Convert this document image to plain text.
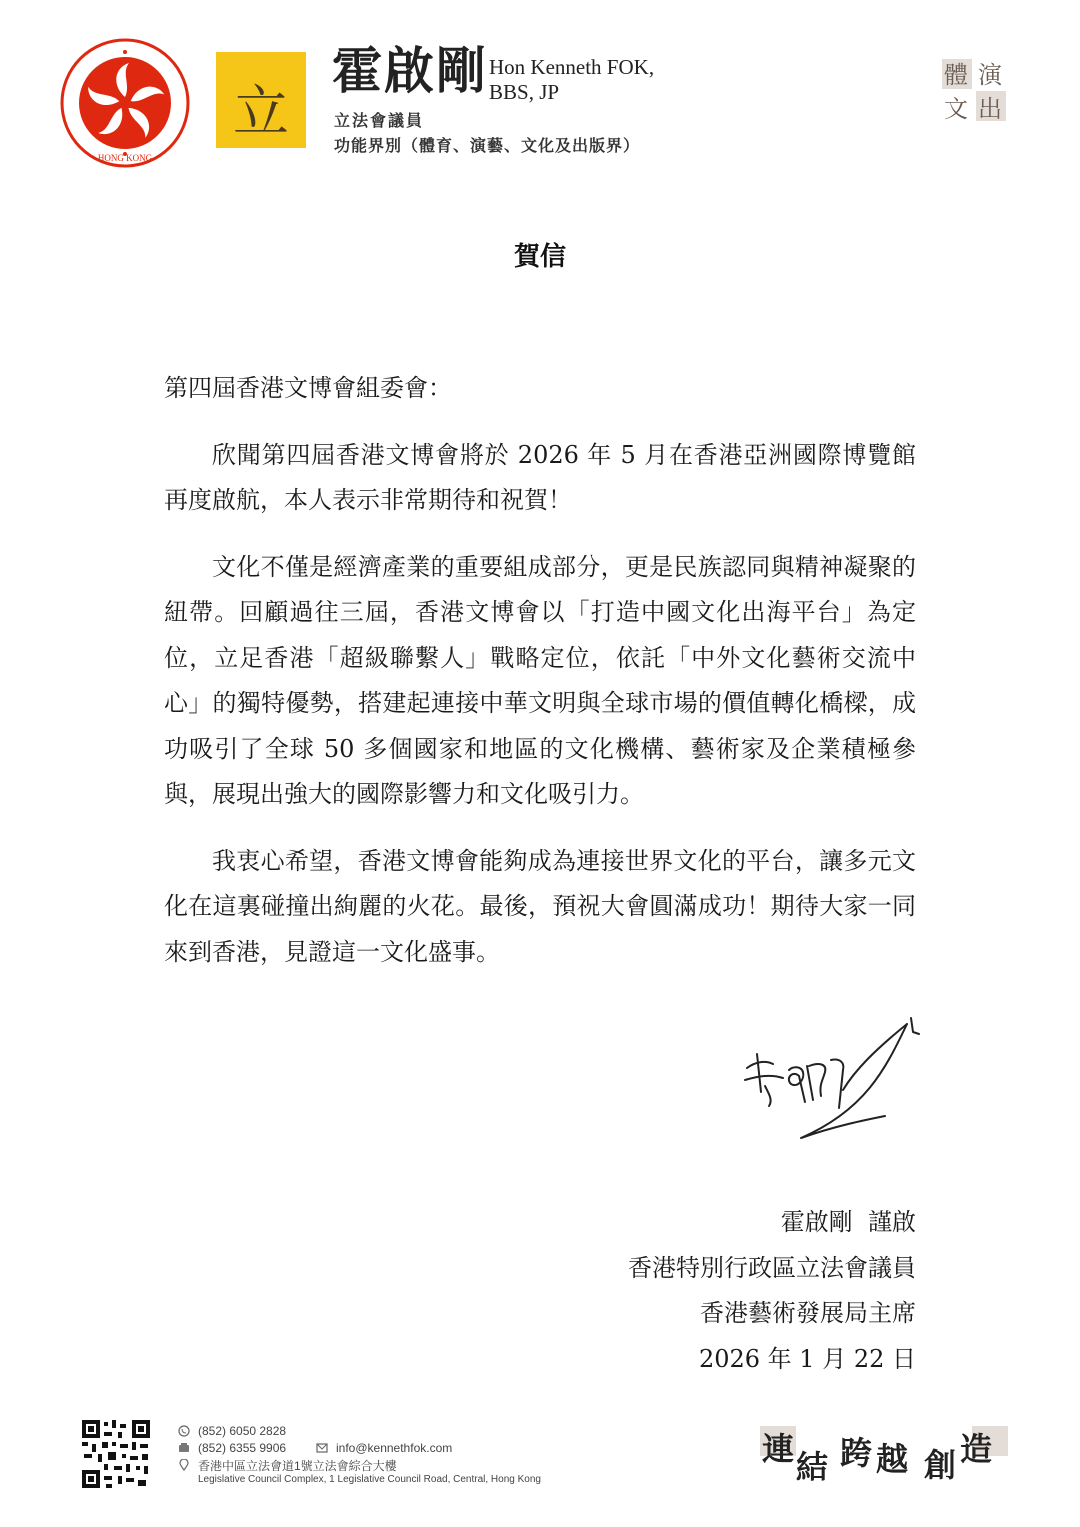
HONG KONG
立
霍啟剛 Hon Kenneth FOK,
BBS, JP
立法會議員
功能界別（體育、演藝、文化及出版界）
體 演
文 出
賀信

第四屆香港文博會組委會：

欣聞第四屆香港文博會將於 2026 年 5 月在香港亞洲國際博覽館再度啟航，本人表示非常期待和祝賀！

文化不僅是經濟產業的重要組成部分，更是民族認同與精神凝聚的紐帶。回顧過往三屆，香港文博會以「打造中國文化出海平台」為定位，立足香港「超級聯繫人」戰略定位，依託「中外文化藝術交流中心」的獨特優勢，搭建起連接中華文明與全球市場的價值轉化橋樑，成功吸引了全球 50 多個國家和地區的文化機構、藝術家及企業積極參與，展現出強大的國際影響力和文化吸引力。

我衷心希望，香港文博會能夠成為連接世界文化的平台，讓多元文化在這裏碰撞出絢麗的火花。最後，預祝大會圓滿成功！期待大家一同來到香港，見證這一文化盛事。

霍啟剛  謹啟
香港特別行政區立法會議員
香港藝術發展局主席
2026 年 1 月 22 日
(852) 6050 2828
(852) 6355 9906	info@kennethfok.com
香港中區立法會道1號立法會綜合大樓
Legislative Council Complex, 1 Legislative Council Road, Central, Hong Kong
連 結 跨 越 創 造
